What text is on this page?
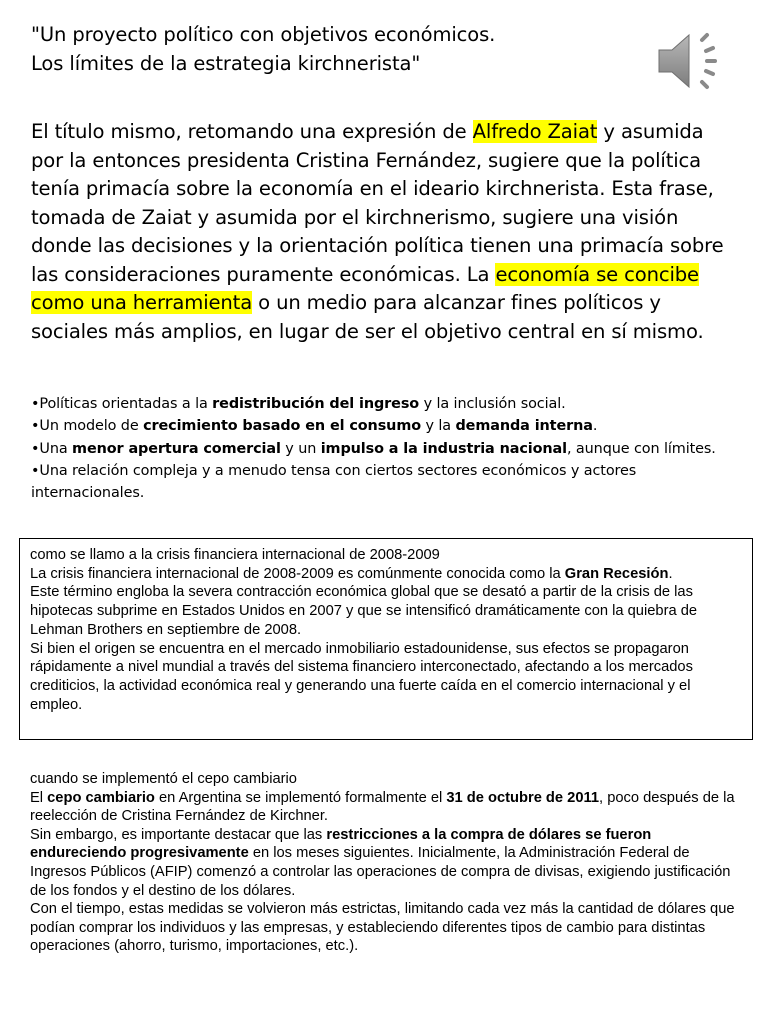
"Un proyecto político con objetivos económicos.
Los límites de la estrategia kirchnerista"
El título mismo, retomando una expresión de Alfredo Zaiat y asumida por la entonces presidenta Cristina Fernández, sugiere que la política tenía primacía sobre la economía en el ideario kirchnerista. Esta frase, tomada de Zaiat y asumida por el kirchnerismo, sugiere una visión donde las decisiones y la orientación política tienen una primacía sobre las consideraciones puramente económicas. La economía se concibe como una herramienta o un medio para alcanzar fines políticos y sociales más amplios, en lugar de ser el objetivo central en sí mismo.
•Políticas orientadas a la redistribución del ingreso y la inclusión social.
•Un modelo de crecimiento basado en el consumo y la demanda interna.
•Una menor apertura comercial y un impulso a la industria nacional, aunque con límites.
•Una relación compleja y a menudo tensa con ciertos sectores económicos y actores internacionales.
como se llamo a la crisis financiera internacional de 2008-2009
La crisis financiera internacional de 2008-2009 es comúnmente conocida como la Gran Recesión.
Este término engloba la severa contracción económica global que se desató a partir de la crisis de las hipotecas subprime en Estados Unidos en 2007 y que se intensificó dramáticamente con la quiebra de Lehman Brothers en septiembre de 2008.
Si bien el origen se encuentra en el mercado inmobiliario estadounidense, sus efectos se propagaron rápidamente a nivel mundial a través del sistema financiero interconectado, afectando a los mercados crediticios, la actividad económica real y generando una fuerte caída en el comercio internacional y el empleo.
cuando se implementó el cepo cambiario
El cepo cambiario en Argentina se implementó formalmente el 31 de octubre de 2011, poco después de la reelección de Cristina Fernández de Kirchner.
Sin embargo, es importante destacar que las restricciones a la compra de dólares se fueron endureciendo progresivamente en los meses siguientes. Inicialmente, la Administración Federal de Ingresos Públicos (AFIP) comenzó a controlar las operaciones de compra de divisas, exigiendo justificación de los fondos y el destino de los dólares.
Con el tiempo, estas medidas se volvieron más estrictas, limitando cada vez más la cantidad de dólares que podían comprar los individuos y las empresas, y estableciendo diferentes tipos de cambio para distintas operaciones (ahorro, turismo, importaciones, etc.).
